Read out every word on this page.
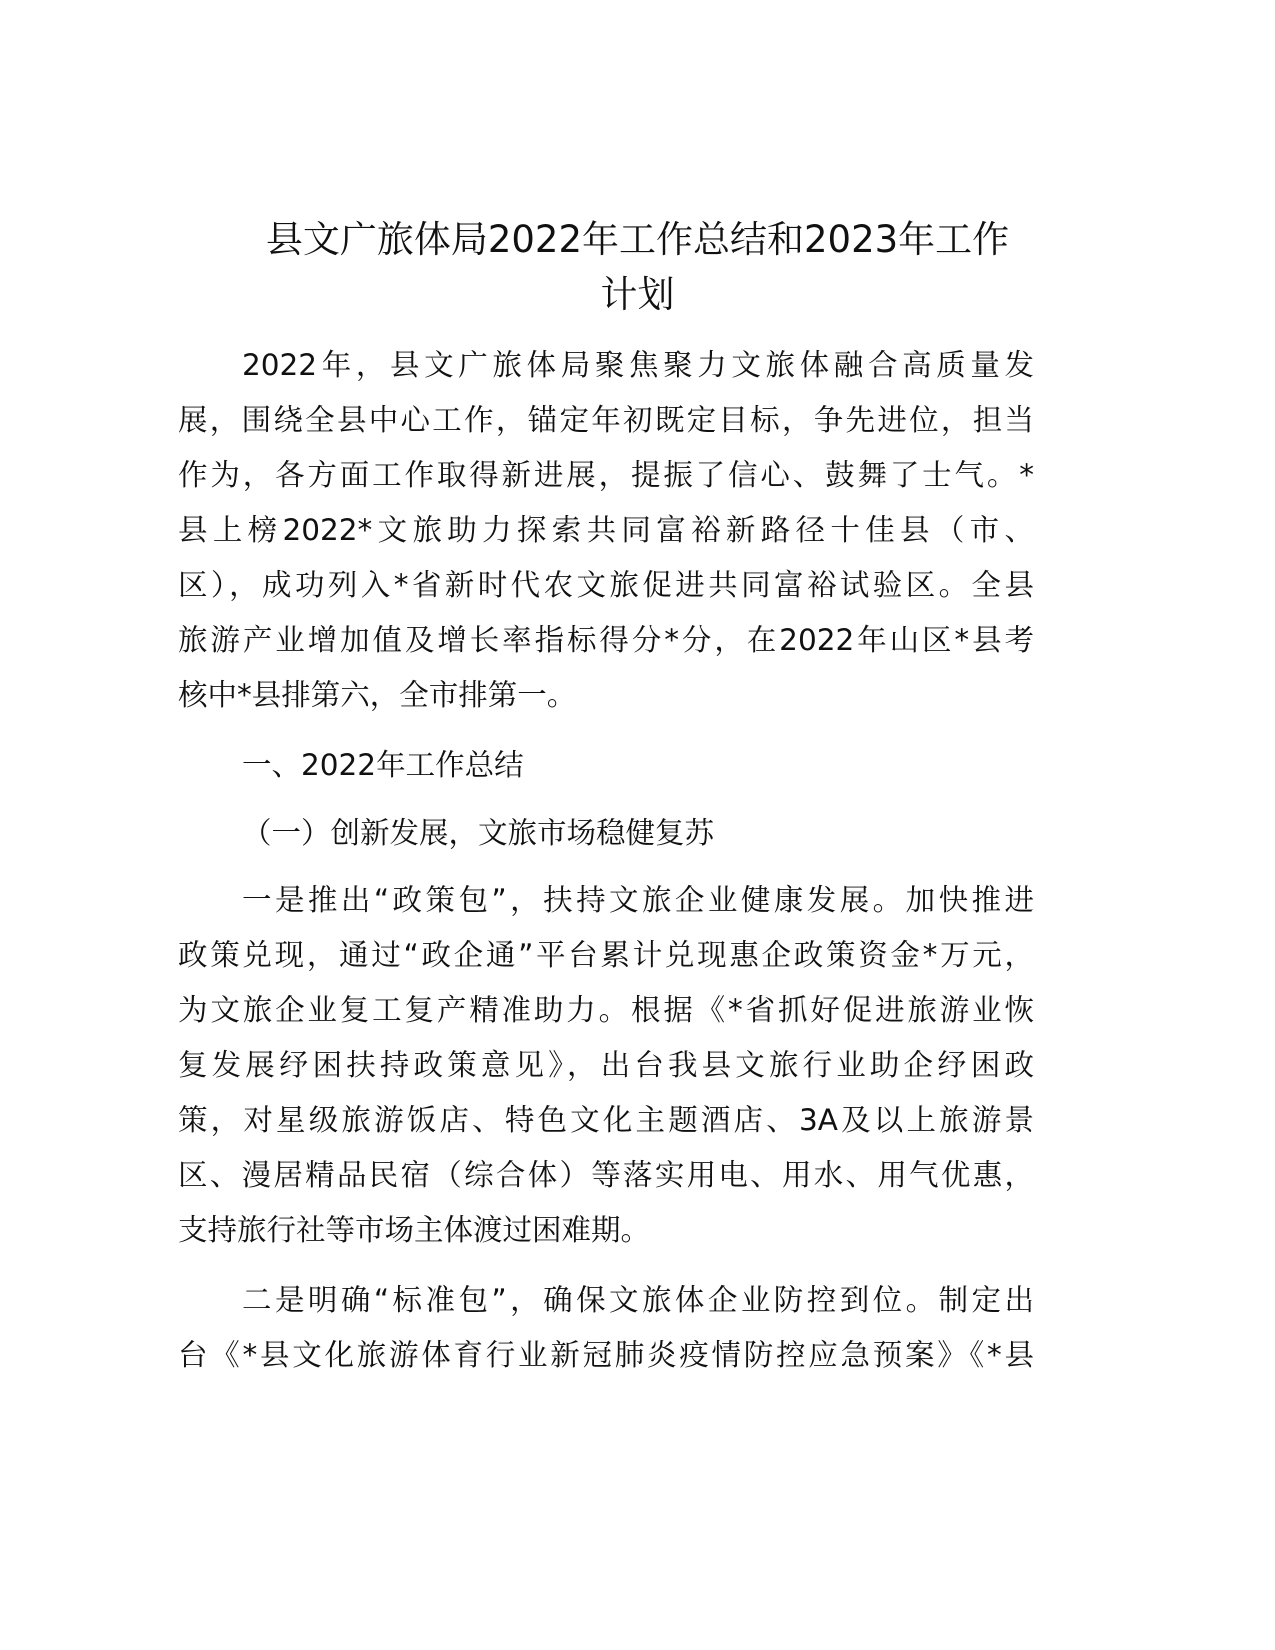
县文广旅体局2022年工作总结和2023年工作
计划
2022年，县文广旅体局聚焦聚力文旅体融合高质量发
展，围绕全县中心工作，锚定年初既定目标，争先进位，担当
作为，各方面工作取得新进展，提振了信心、鼓舞了士气。*
县上榜2022*文旅助力探索共同富裕新路径十佳县（市、
区），成功列入*省新时代农文旅促进共同富裕试验区。全县
旅游产业增加值及增长率指标得分*分，在2022年山区*县考
核中*县排第六，全市排第一。
一、2022年工作总结
（一）创新发展，文旅市场稳健复苏
一是推出“政策包”，扶持文旅企业健康发展。加快推进
政策兑现，通过“政企通”平台累计兑现惠企政策资金*万元，
为文旅企业复工复产精准助力。根据《*省抓好促进旅游业恢
复发展纾困扶持政策意见》，出台我县文旅行业助企纾困政
策，对星级旅游饭店、特色文化主题酒店、3A及以上旅游景
区、漫居精品民宿（综合体）等落实用电、用水、用气优惠，
支持旅行社等市场主体渡过困难期。
二是明确“标准包”，确保文旅体企业防控到位。制定出
台《*县文化旅游体育行业新冠肺炎疫情防控应急预案》《*县
